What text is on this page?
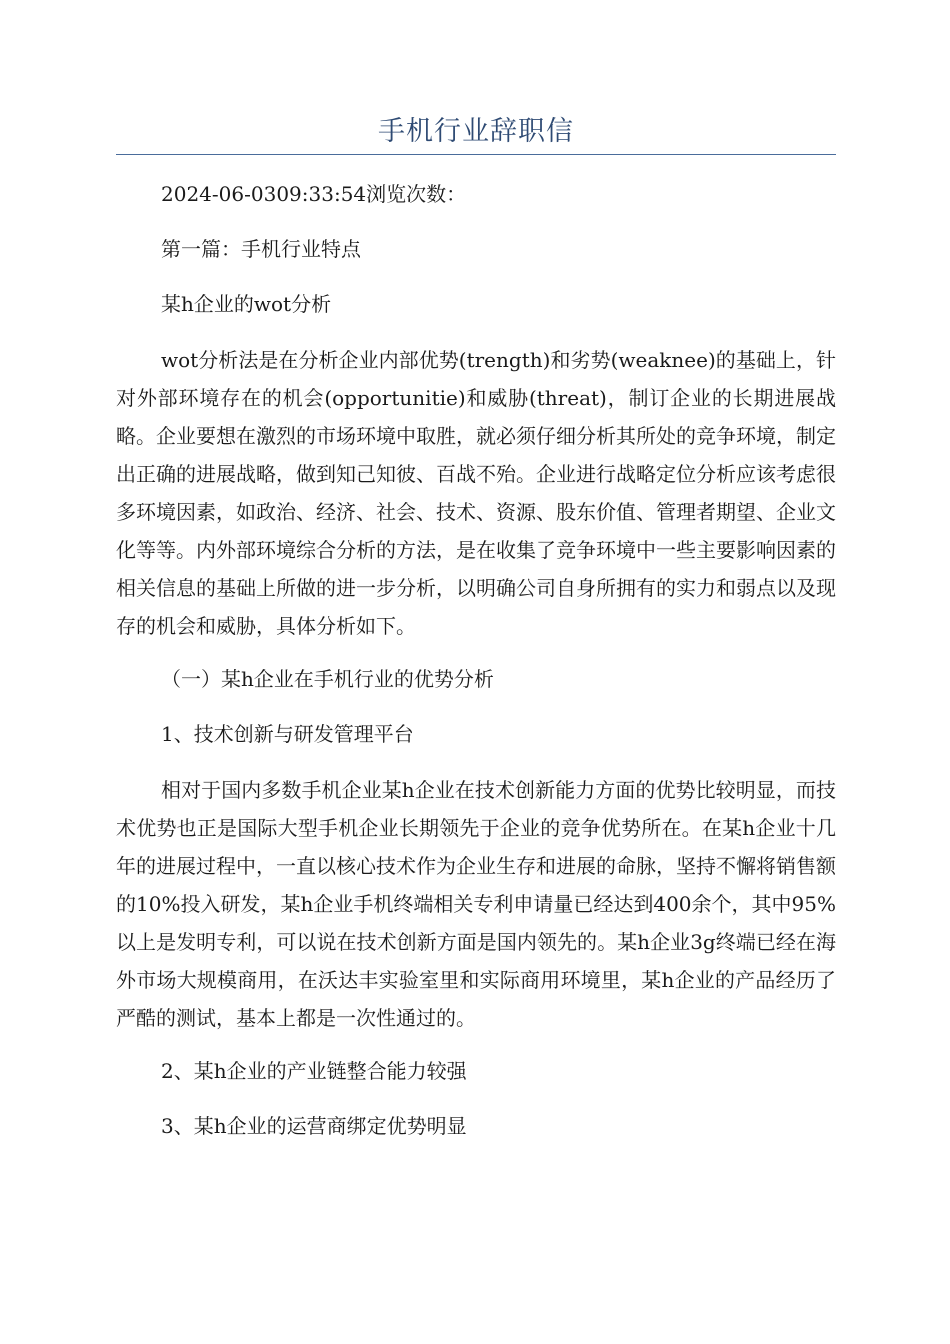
手机行业辞职信

2024-06-0309:33:54浏览次数：

第一篇：手机行业特点

某h企业的wot分析

wot分析法是在分析企业内部优势(trength)和劣势(weaknee)的基础上，针对外部环境存在的机会(opportunitie)和威胁(threat)，制订企业的长期进展战略。企业要想在激烈的市场环境中取胜，就必须仔细分析其所处的竞争环境，制定出正确的进展战略，做到知己知彼、百战不殆。企业进行战略定位分析应该考虑很多环境因素，如政治、经济、社会、技术、资源、股东价值、管理者期望、企业文化等等。内外部环境综合分析的方法，是在收集了竞争环境中一些主要影响因素的相关信息的基础上所做的进一步分析，以明确公司自身所拥有的实力和弱点以及现存的机会和威胁，具体分析如下。

（一）某h企业在手机行业的优势分析

1、技术创新与研发管理平台

相对于国内多数手机企业某h企业在技术创新能力方面的优势比较明显，而技术优势也正是国际大型手机企业长期领先于企业的竞争优势所在。在某h企业十几年的进展过程中，一直以核心技术作为企业生存和进展的命脉，坚持不懈将销售额的10%投入研发，某h企业手机终端相关专利申请量已经达到400余个，其中95%以上是发明专利，可以说在技术创新方面是国内领先的。某h企业3g终端已经在海外市场大规模商用，在沃达丰实验室里和实际商用环境里，某h企业的产品经历了严酷的测试，基本上都是一次性通过的。

2、某h企业的产业链整合能力较强

3、某h企业的运营商绑定优势明显
